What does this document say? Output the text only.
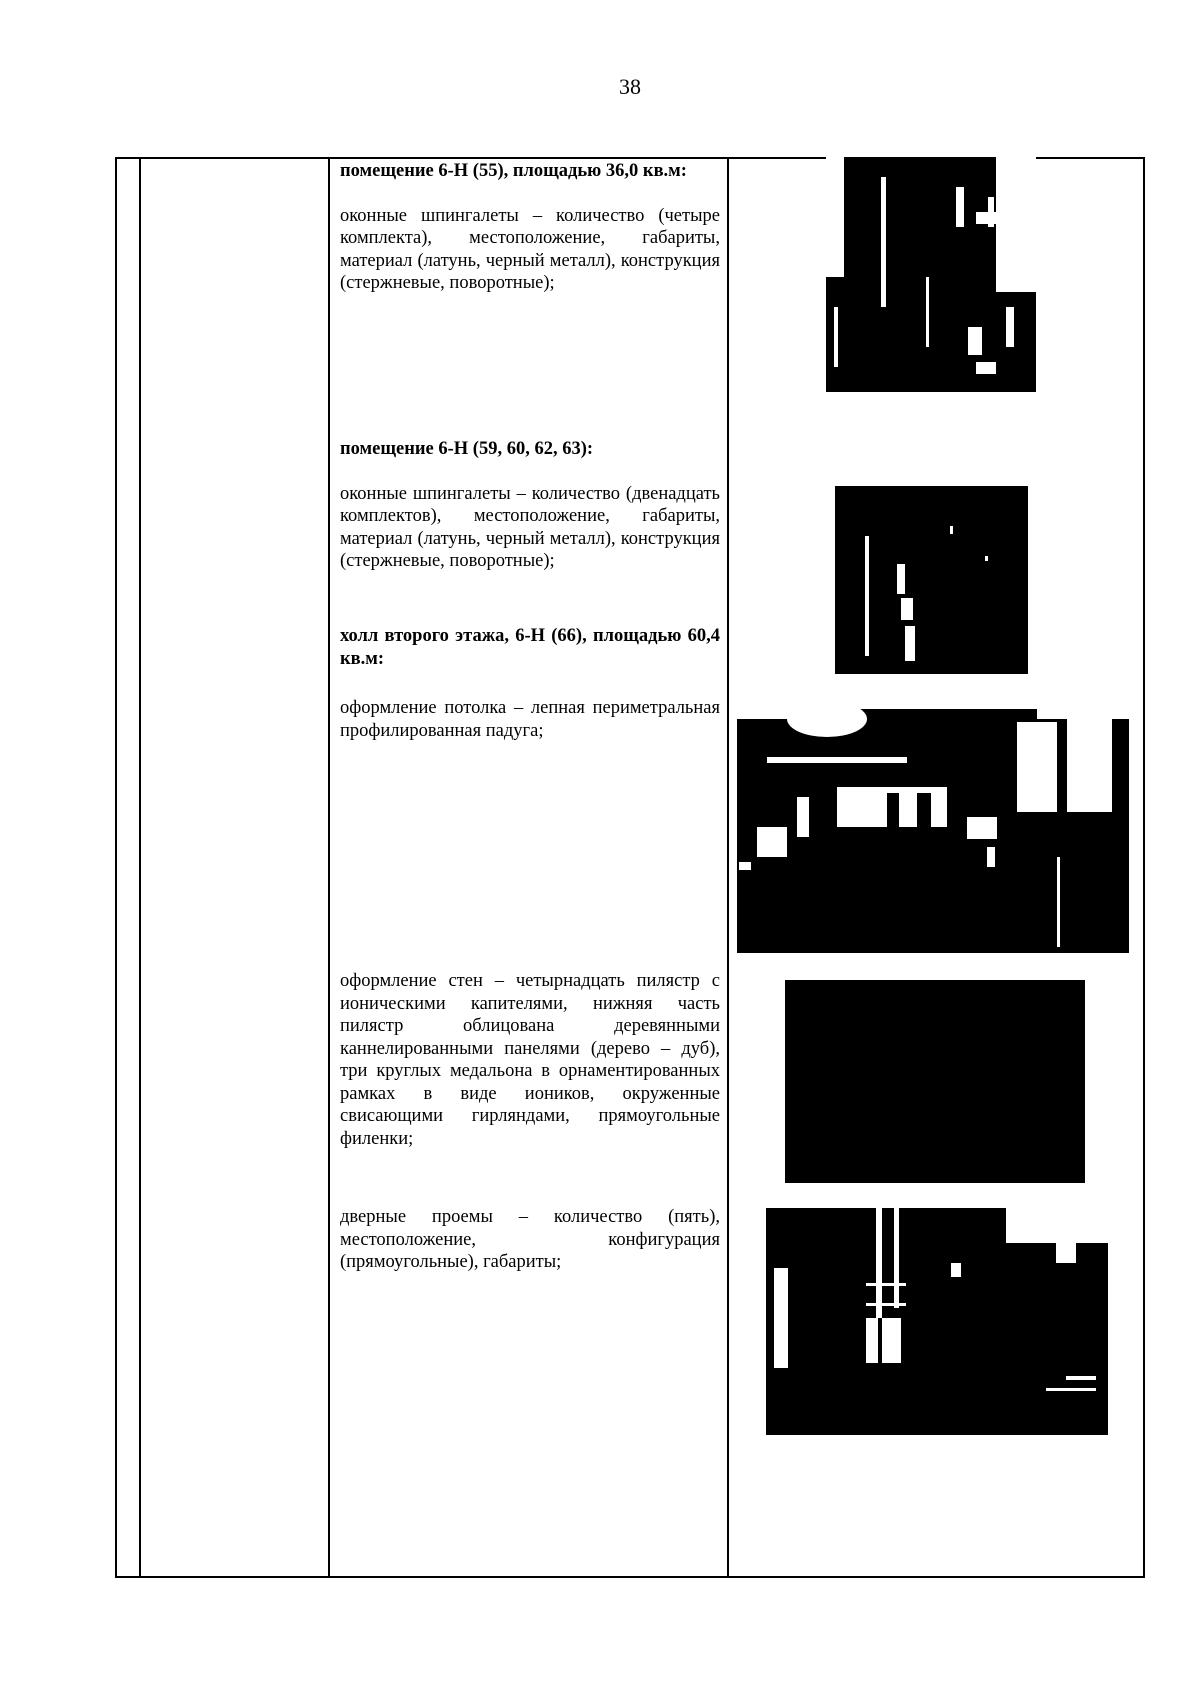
38

помещение 6-Н (55), площадью 36,0 кв.м:

оконные шпингалеты – количество (четыре комплекта), местоположение, габариты, материал (латунь, черный металл), конструкция (стержневые, поворотные);

помещение 6-Н (59, 60, 62, 63):

оконные шпингалеты – количество (двенадцать комплектов), местоположение, габариты, материал (латунь, черный металл), конструкция (стержневые, поворотные);

холл второго этажа, 6-Н (66), площадью 60,4 кв.м:

оформление потолка – лепная периметральная профилированная падуга;

оформление стен – четырнадцать пилястр с ионическими капителями, нижняя часть пилястр облицована деревянными каннелированными панелями (дерево – дуб), три круглых медальона в орнаментированных рамках в виде иоников, окруженные свисающими гирляндами, прямоугольные филенки;

дверные проемы – количество (пять), местоположение, конфигурация (прямоугольные), габариты;
